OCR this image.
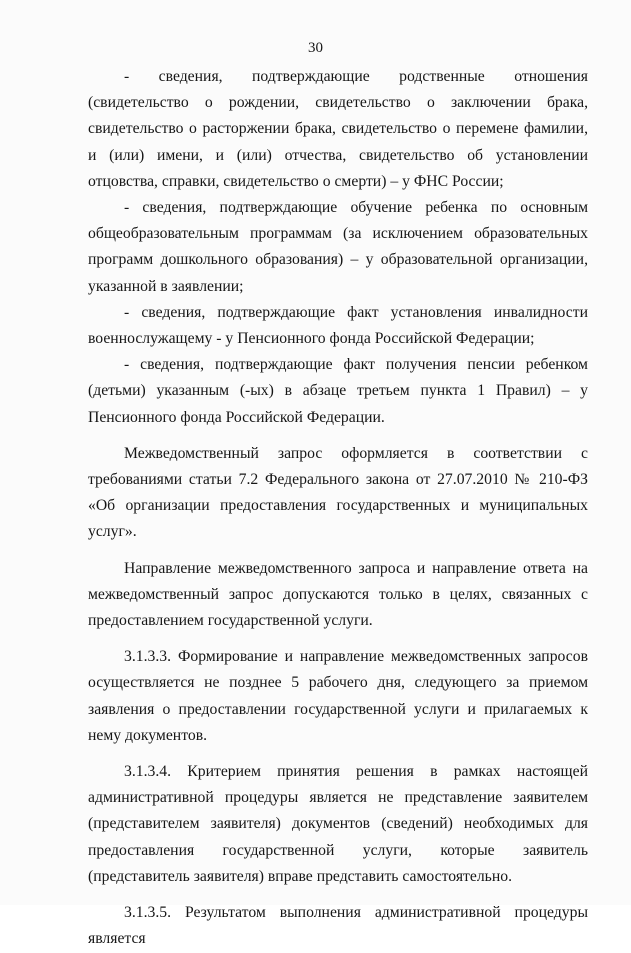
30

- сведения, подтверждающие родственные отношения (свидетельство о рождении, свидетельство о заключении брака, свидетельство о расторжении брака, свидетельство о перемене фамилии, и (или) имени, и (или) отчества, свидетельство об установлении отцовства, справки, свидетельство о смерти) – у ФНС России;

- сведения, подтверждающие обучение ребенка по основным общеобразовательным программам (за исключением образовательных программ дошкольного образования) – у образовательной организации, указанной в заявлении;

- сведения, подтверждающие факт установления инвалидности военнослужащему - у Пенсионного фонда Российской Федерации;

- сведения, подтверждающие факт получения пенсии ребенком (детьми) указанным (-ых) в абзаце третьем пункта 1 Правил) – у Пенсионного фонда Российской Федерации.

Межведомственный запрос оформляется в соответствии с требованиями статьи 7.2 Федерального закона от 27.07.2010 № 210-ФЗ «Об организации предоставления государственных и муниципальных услуг».

Направление межведомственного запроса и направление ответа на межведомственный запрос допускаются только в целях, связанных с предоставлением государственной услуги.

3.1.3.3. Формирование и направление межведомственных запросов осуществляется не позднее 5 рабочего дня, следующего за приемом заявления о предоставлении государственной услуги и прилагаемых к нему документов.

3.1.3.4. Критерием принятия решения в рамках настоящей административной процедуры является не представление заявителем (представителем заявителя) документов (сведений) необходимых для предоставления государственной услуги, которые заявитель (представитель заявителя) вправе представить самостоятельно.

3.1.3.5. Результатом выполнения административной процедуры является
